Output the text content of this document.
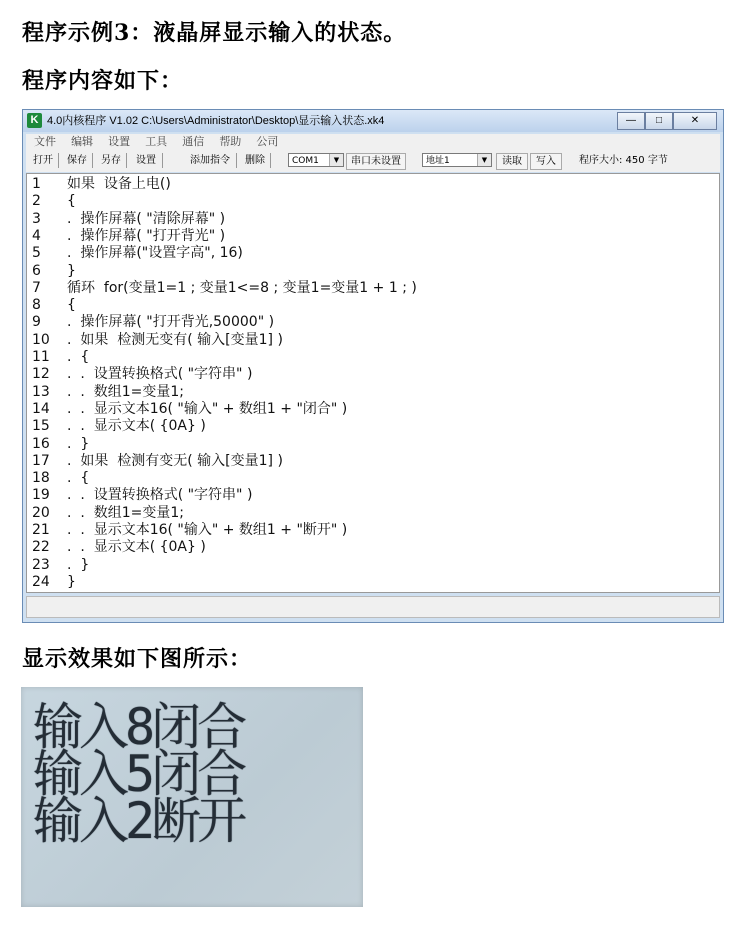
程序示例3：液晶屏显示输入的状态。
程序内容如下：
K 4.0内核程序 V1.02 C:\Users\Administrator\Desktop\显示输入状态.xk4	—	□	✕
文件 编辑 设置 工具 通信 帮助 公司
打开	保存	另存	设置	添加指令	删除	COM1	▼	串口未设置	地址1	▼	读取	写入	程序大小: 450 字节
1	如果  设备上电()
2	{
3	.  操作屏幕( "清除屏幕" )
4	.  操作屏幕( "打开背光" )
5	.  操作屏幕("设置字高", 16)
6	}
7	循环  for(变量1=1 ; 变量1<=8 ; 变量1=变量1 + 1 ; )
8	{
9	.  操作屏幕( "打开背光,50000" )
10	.  如果  检测无变有( 输入[变量1] )
11	.  {
12	.  .  设置转换格式( "字符串" )
13	.  .  数组1=变量1;
14	.  .  显示文本16( "输入" + 数组1 + "闭合" )
15	.  .  显示文本( {0A} )
16	.  }
17	.  如果  检测有变无( 输入[变量1] )
18	.  {
19	.  .  设置转换格式( "字符串" )
20	.  .  数组1=变量1;
21	.  .  显示文本16( "输入" + 数组1 + "断开" )
22	.  .  显示文本( {0A} )
23	.  }
24	}
显示效果如下图所示：
输入8闭合
输入5闭合
输入2断开
